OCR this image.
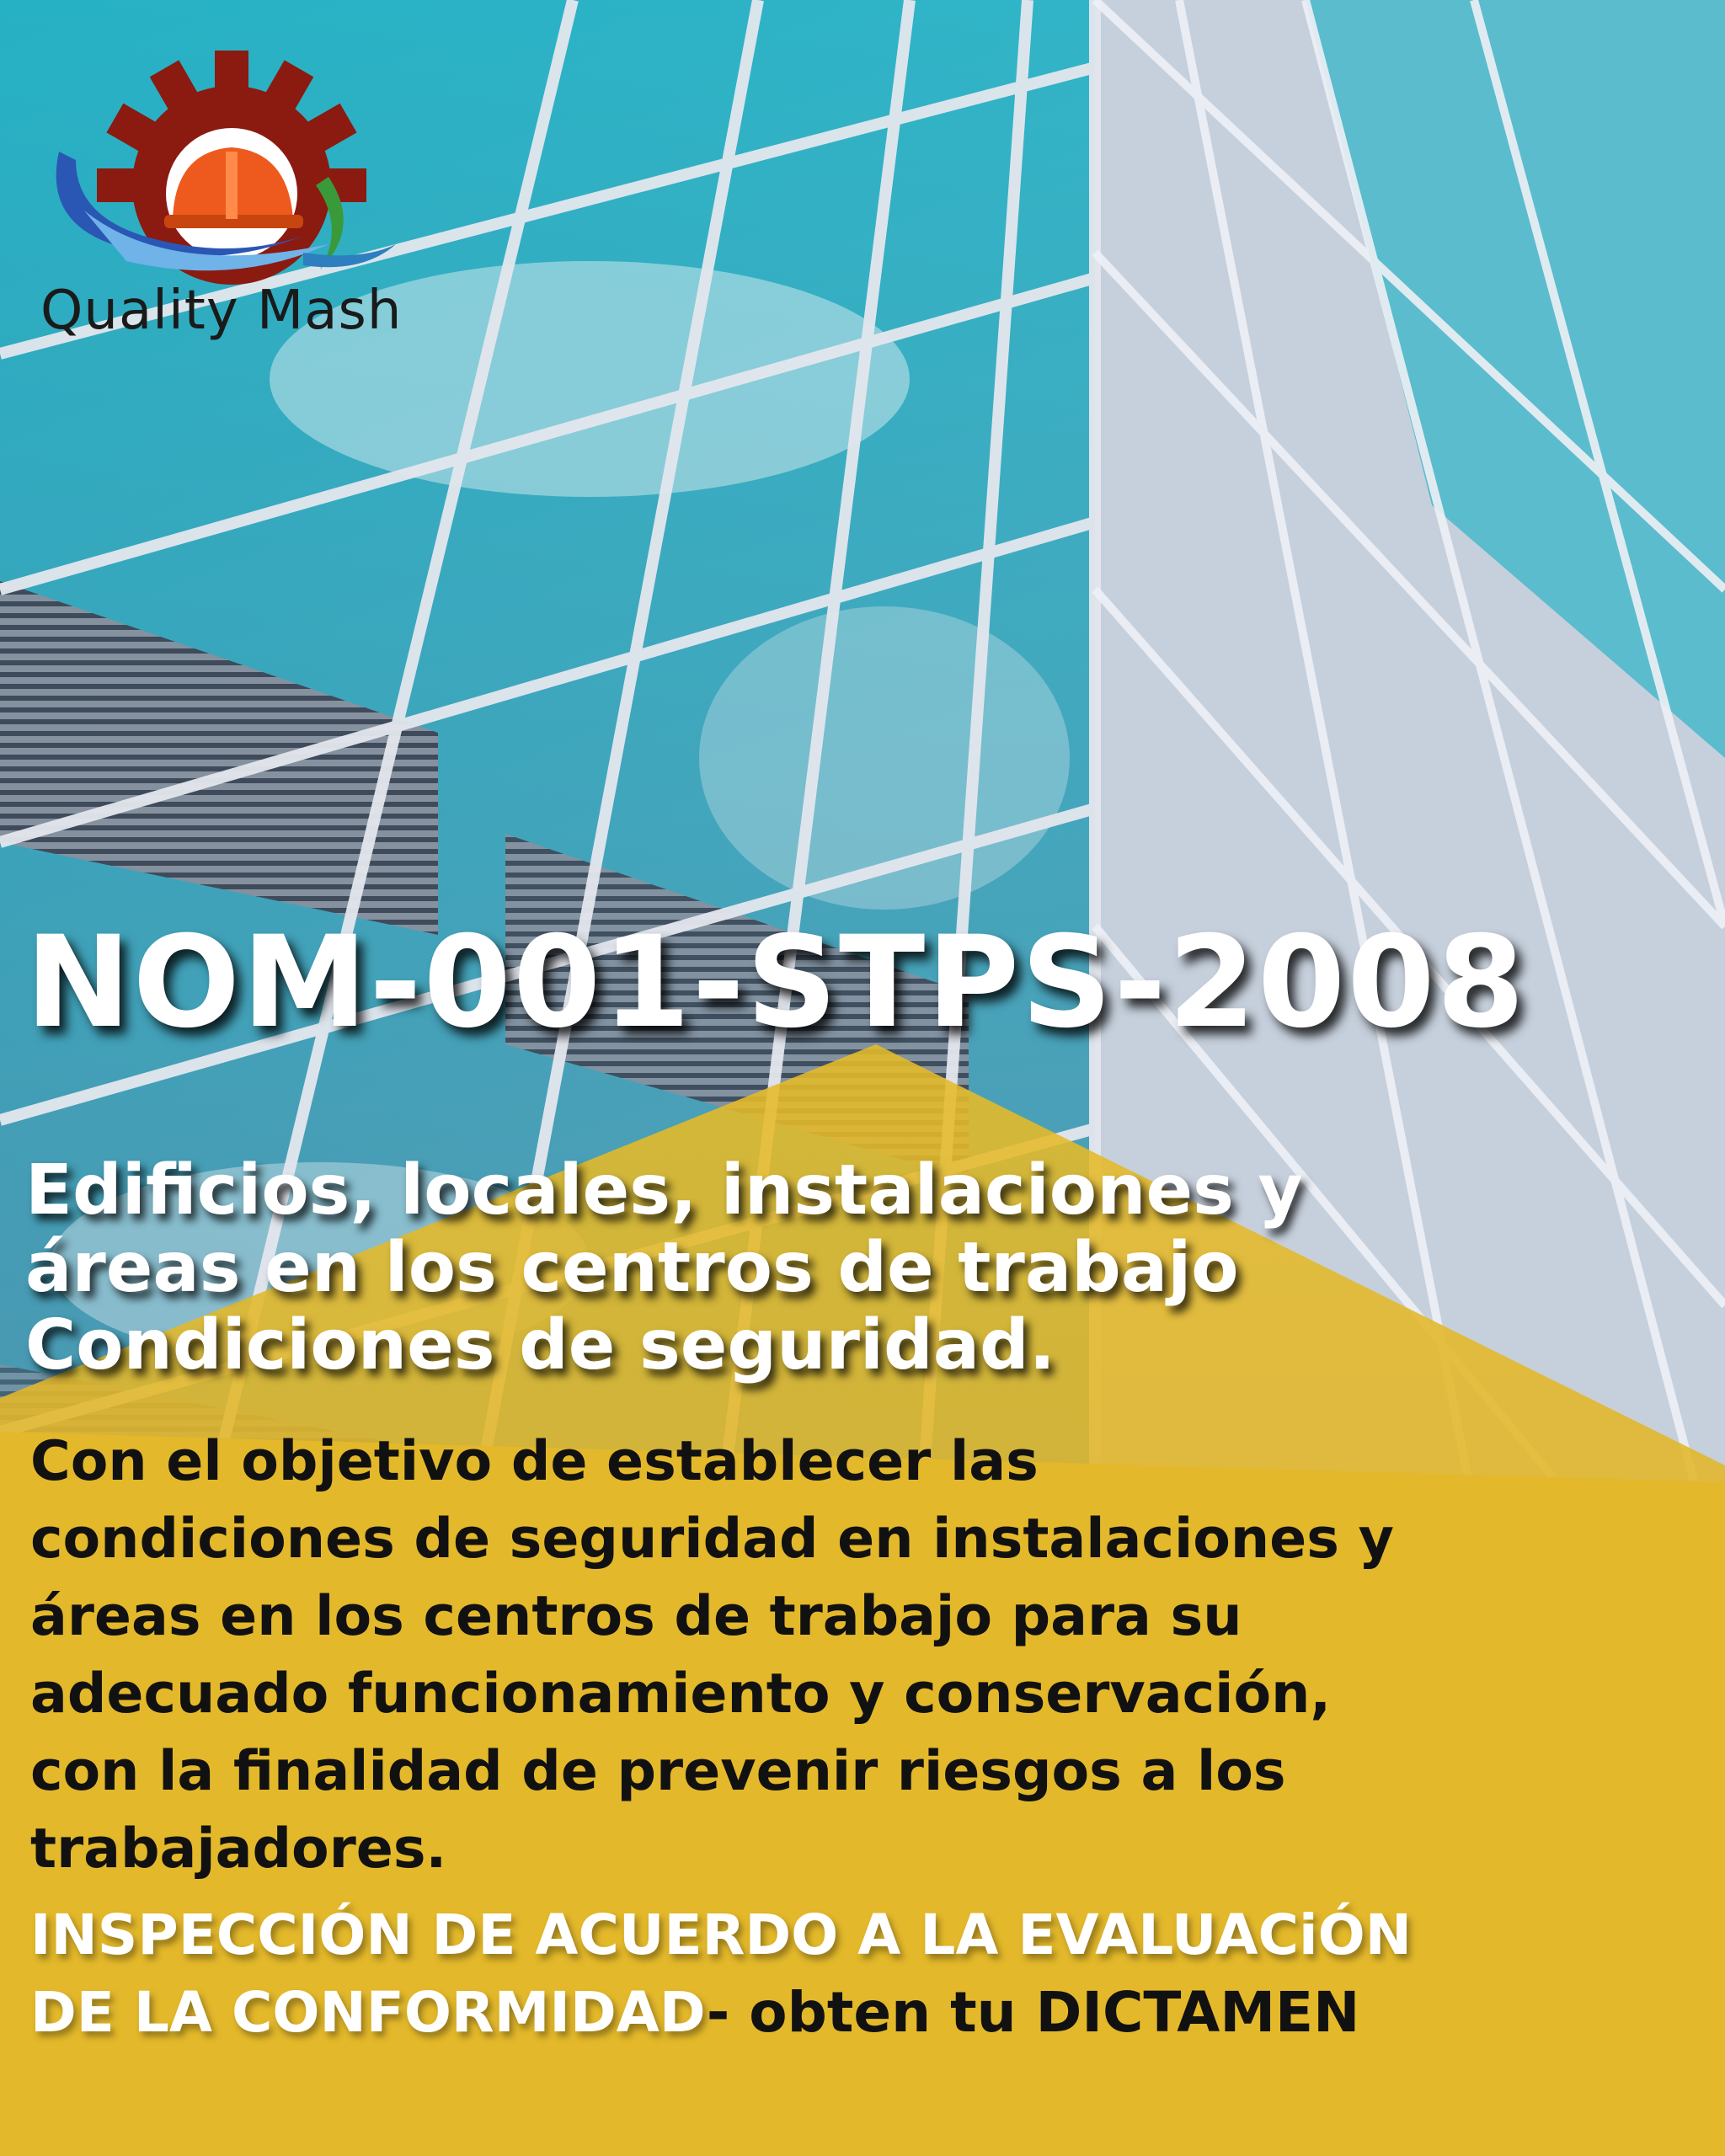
Quality Mash
NOM-001-STPS-2008
Edificios, locales, instalaciones y
áreas en los centros de trabajo
Condiciones de seguridad.
Con el objetivo de establecer las
condiciones de seguridad en instalaciones y
áreas en los centros de trabajo para su
adecuado funcionamiento y conservación,
con la finalidad de prevenir riesgos a los
trabajadores.
INSPECCIÓN DE ACUERDO A LA EVALUACiÓN
DE LA CONFORMIDAD- obten tu DICTAMEN
